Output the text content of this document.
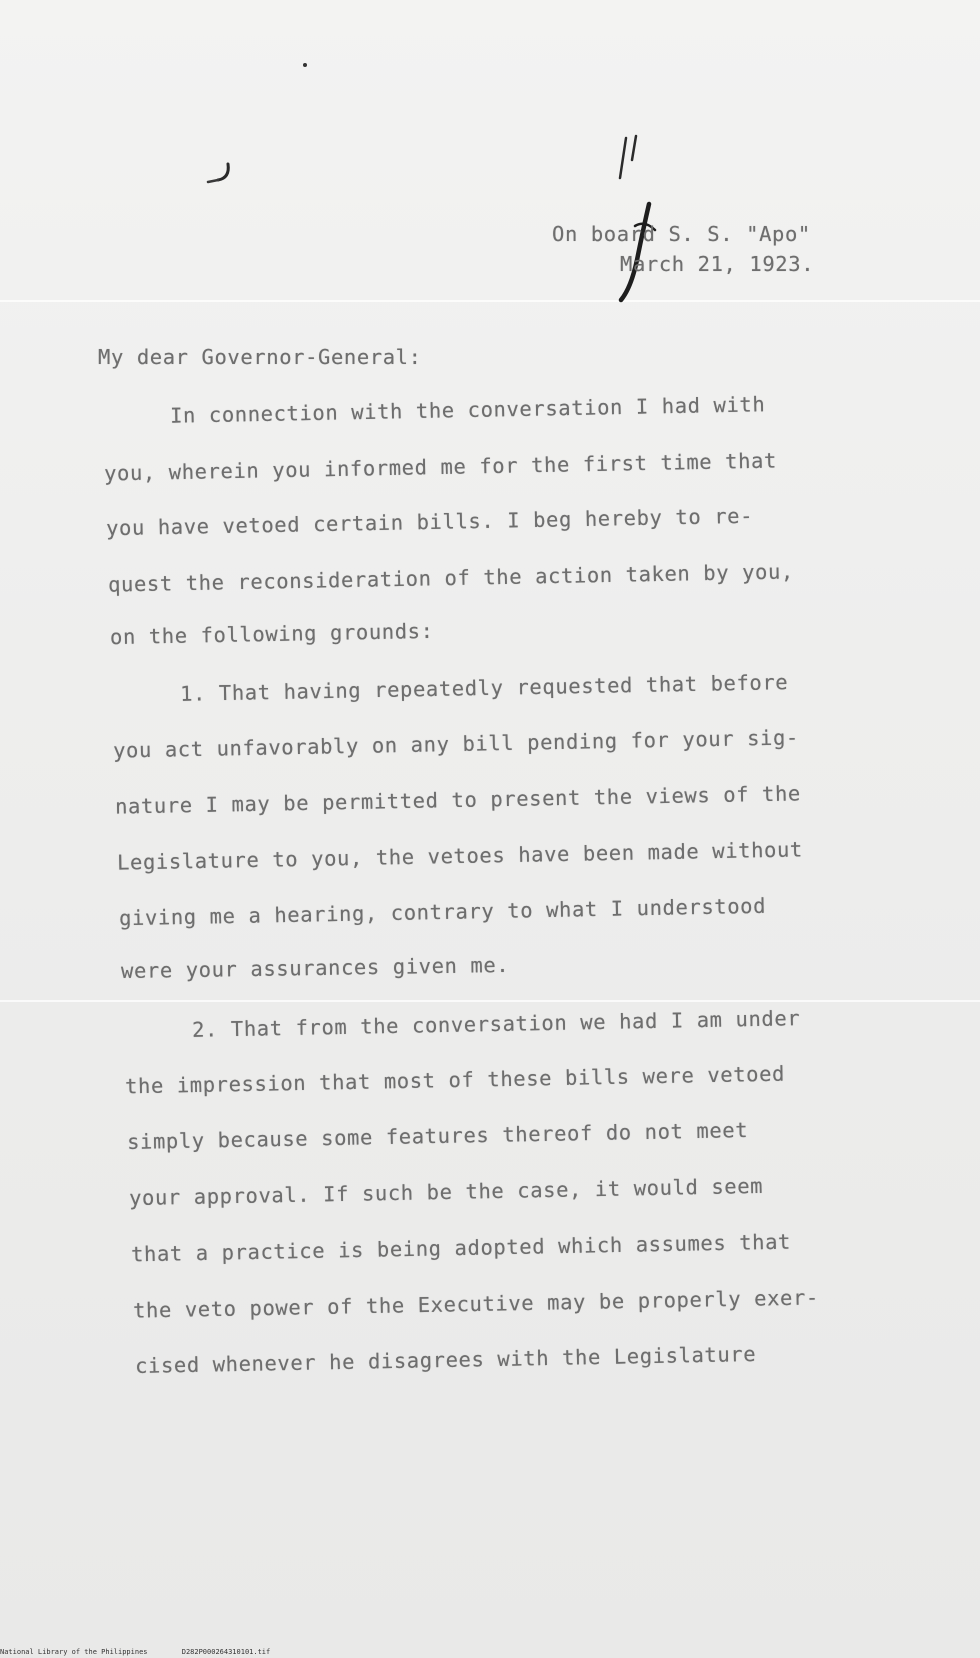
On board S. S. "Apo"
March 21, 1923.
My dear Governor-General:
In connection with the conversation I had with
you, wherein you informed me for the first time that
you have vetoed certain bills. I beg hereby to re-
quest the reconsideration of the action taken by you,
on the following grounds:
1. That having repeatedly requested that before
you act unfavorably on any bill pending for your sig-
nature I may be permitted to present the views of the
Legislature to you, the vetoes have been made without
giving me a hearing, contrary to what I understood
were your assurances given me.
2. That from the conversation we had I am under
the impression that most of these bills were vetoed
simply because some features thereof do not meet
your approval. If such be the case, it would seem
that a practice is being adopted which assumes that
the veto power of the Executive may be properly exer-
cised whenever he disagrees with the Legislature
National Library of the Philippines	D282P000264310101.tif
